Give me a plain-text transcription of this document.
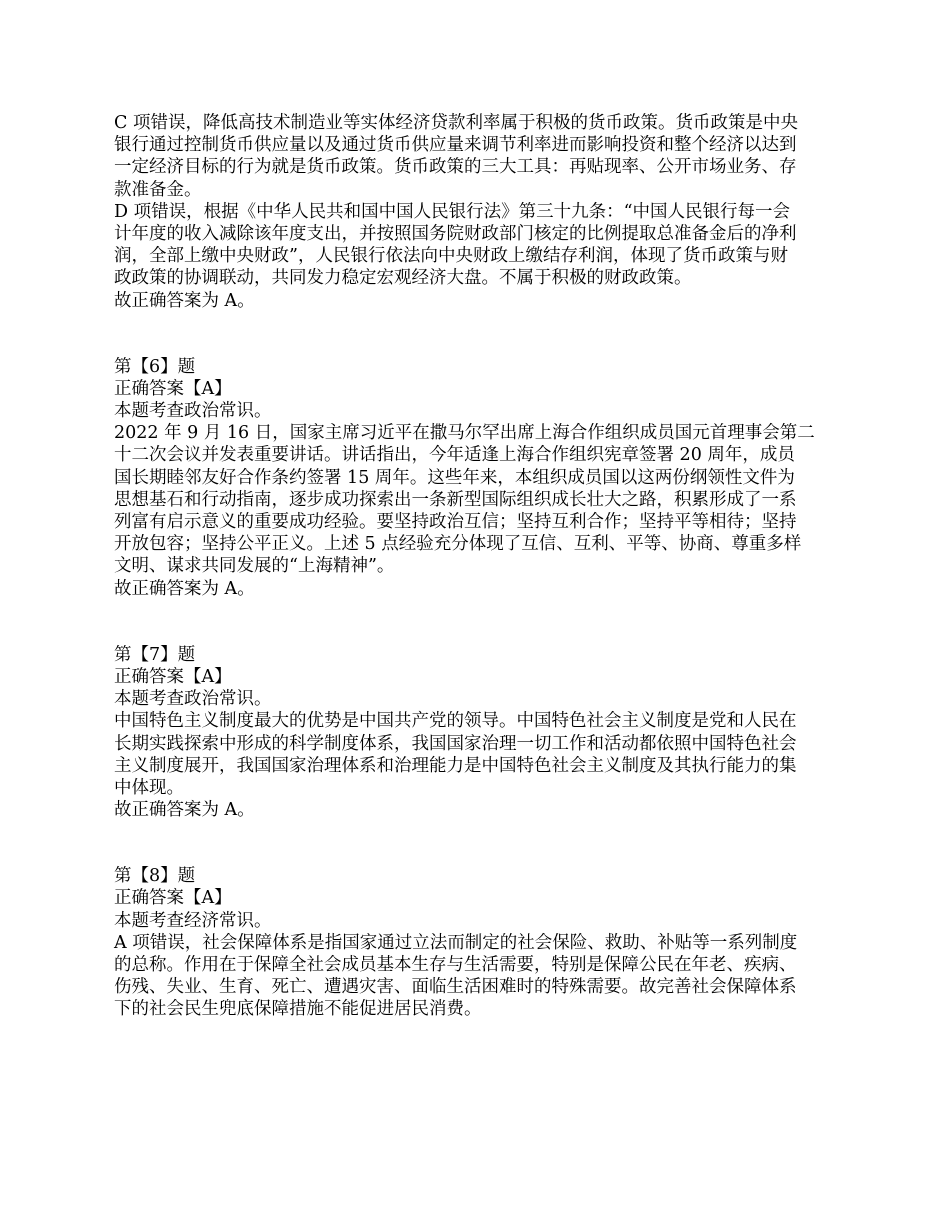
C 项错误，降低高技术制造业等实体经济贷款利率属于积极的货币政策。货币政策是中央
银行通过控制货币供应量以及通过货币供应量来调节利率进而影响投资和整个经济以达到
一定经济目标的行为就是货币政策。货币政策的三大工具：再贴现率、公开市场业务、存
款准备金。
D 项错误，根据《中华人民共和国中国人民银行法》第三十九条：“中国人民银行每一会
计年度的收入减除该年度支出，并按照国务院财政部门核定的比例提取总准备金后的净利
润，全部上缴中央财政”，人民银行依法向中央财政上缴结存利润，体现了货币政策与财
政政策的协调联动，共同发力稳定宏观经济大盘。不属于积极的财政政策。
故正确答案为 A。
第【6】题
正确答案【A】
本题考查政治常识。
2022 年 9 月 16 日，国家主席习近平在撒马尔罕出席上海合作组织成员国元首理事会第二
十二次会议并发表重要讲话。讲话指出，今年适逢上海合作组织宪章签署 20 周年，成员
国长期睦邻友好合作条约签署 15 周年。这些年来，本组织成员国以这两份纲领性文件为
思想基石和行动指南，逐步成功探索出一条新型国际组织成长壮大之路，积累形成了一系
列富有启示意义的重要成功经验。要坚持政治互信；坚持互利合作；坚持平等相待；坚持
开放包容；坚持公平正义。上述 5 点经验充分体现了互信、互利、平等、协商、尊重多样
文明、谋求共同发展的“上海精神”。
故正确答案为 A。
第【7】题
正确答案【A】
本题考查政治常识。
中国特色主义制度最大的优势是中国共产党的领导。中国特色社会主义制度是党和人民在
长期实践探索中形成的科学制度体系，我国国家治理一切工作和活动都依照中国特色社会
主义制度展开，我国国家治理体系和治理能力是中国特色社会主义制度及其执行能力的集
中体现。
故正确答案为 A。
第【8】题
正确答案【A】
本题考查经济常识。
A 项错误，社会保障体系是指国家通过立法而制定的社会保险、救助、补贴等一系列制度
的总称。作用在于保障全社会成员基本生存与生活需要，特别是保障公民在年老、疾病、
伤残、失业、生育、死亡、遭遇灾害、面临生活困难时的特殊需要。故完善社会保障体系
下的社会民生兜底保障措施不能促进居民消费。
